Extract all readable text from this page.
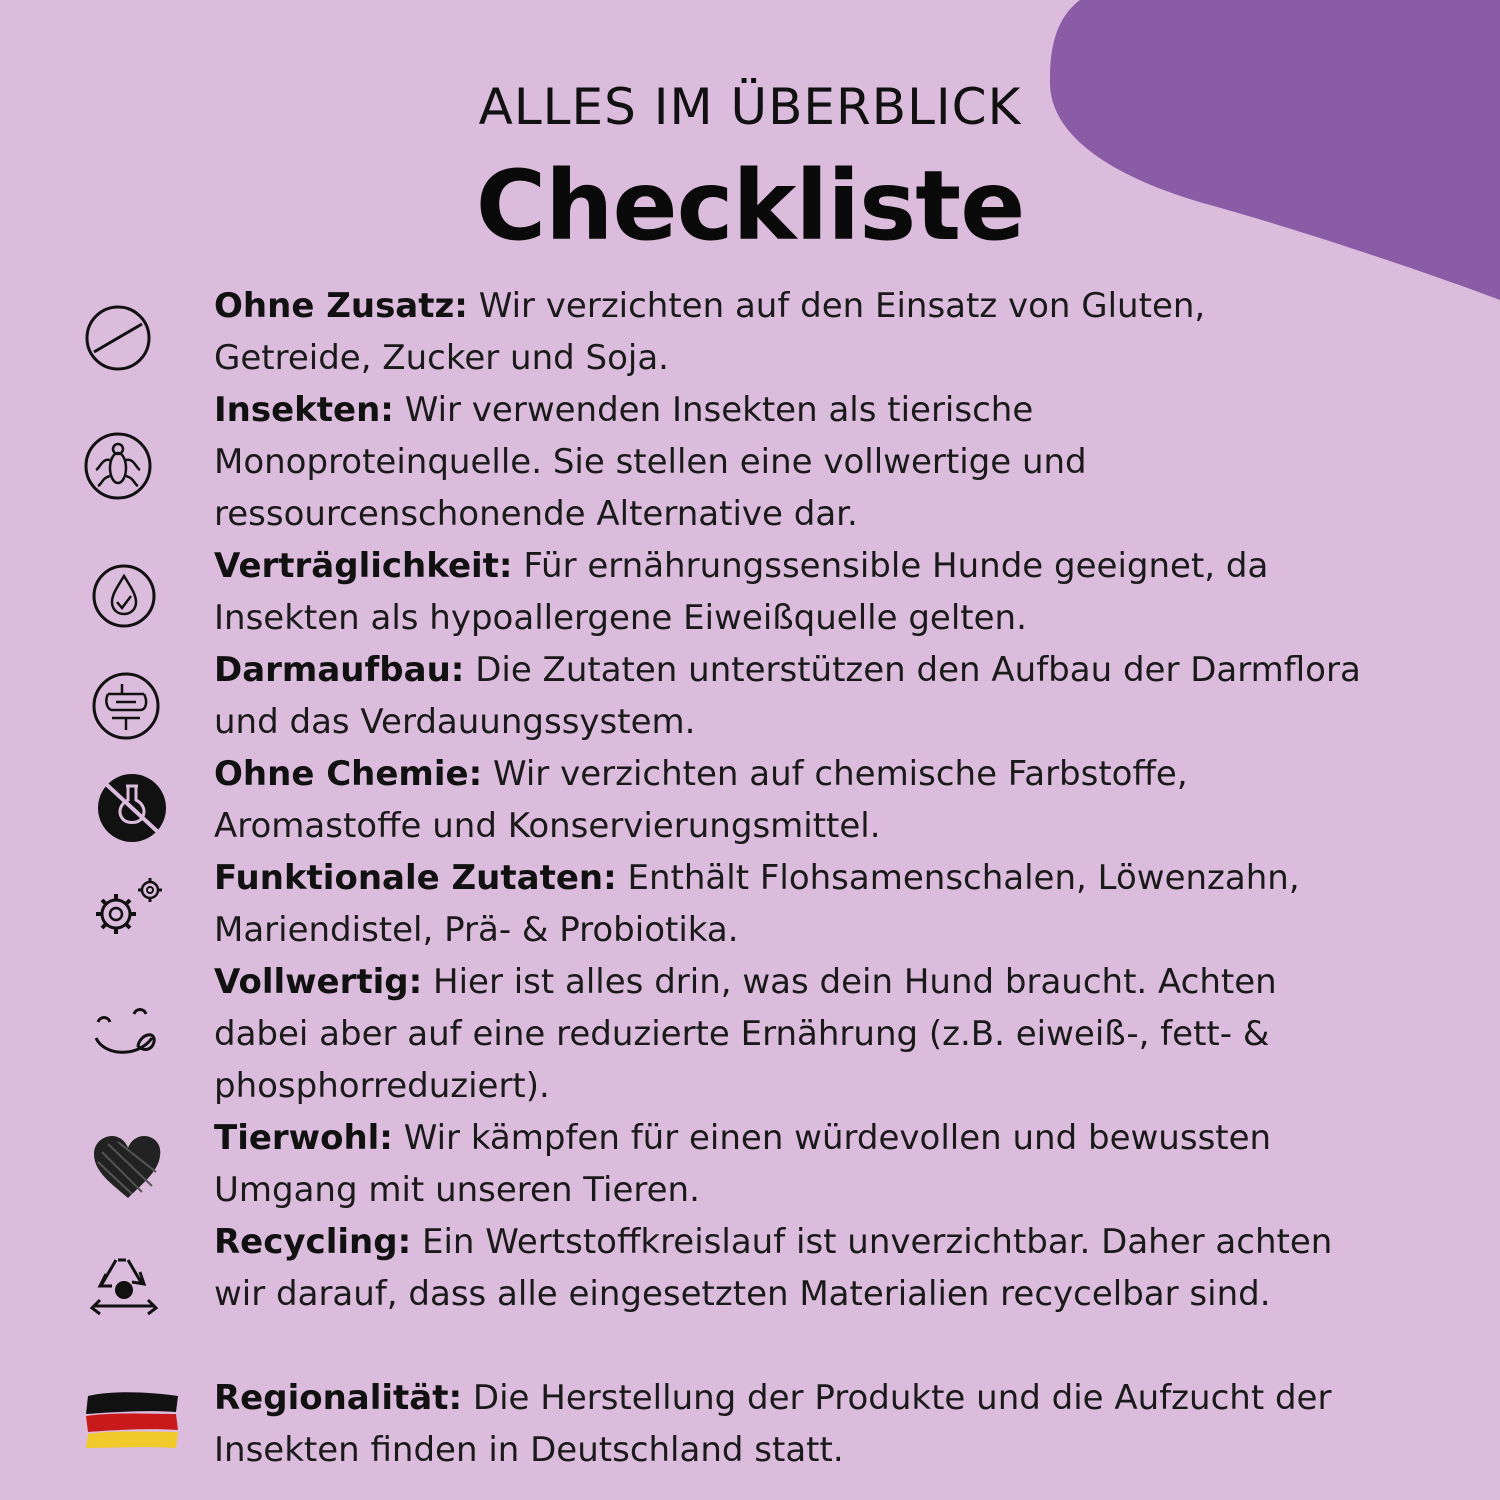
ALLES IM ÜBERBLICK
Checkliste
Ohne Zusatz: Wir verzichten auf den Einsatz von Gluten, Getreide, Zucker und Soja.
Insekten: Wir verwenden Insekten als tierische Monoproteinquelle. Sie stellen eine vollwertige und ressourcenschonende Alternative dar.
Verträglichkeit: Für ernährungssensible Hunde geeignet, da Insekten als hypoallergene Eiweißquelle gelten.
Darmaufbau: Die Zutaten unterstützen den Aufbau der Darmflora und das Verdauungssystem.
Ohne Chemie: Wir verzichten auf chemische Farbstoffe, Aromastoffe und Konservierungsmittel.
Funktionale Zutaten: Enthält Flohsamenschalen, Löwenzahn, Mariendistel, Prä- & Probiotika.
Vollwertig: Hier ist alles drin, was dein Hund braucht. Achten dabei aber auf eine reduzierte Ernährung (z.B. eiweiß-, fett- & phosphorreduziert).
Tierwohl: Wir kämpfen für einen würdevollen und bewussten Umgang mit unseren Tieren.
Recycling: Ein Wertstoffkreislauf ist unverzichtbar. Daher achten wir darauf, dass alle eingesetzten Materialien recycelbar sind.
Regionalität: Die Herstellung der Produkte und die Aufzucht der Insekten finden in Deutschland statt.
